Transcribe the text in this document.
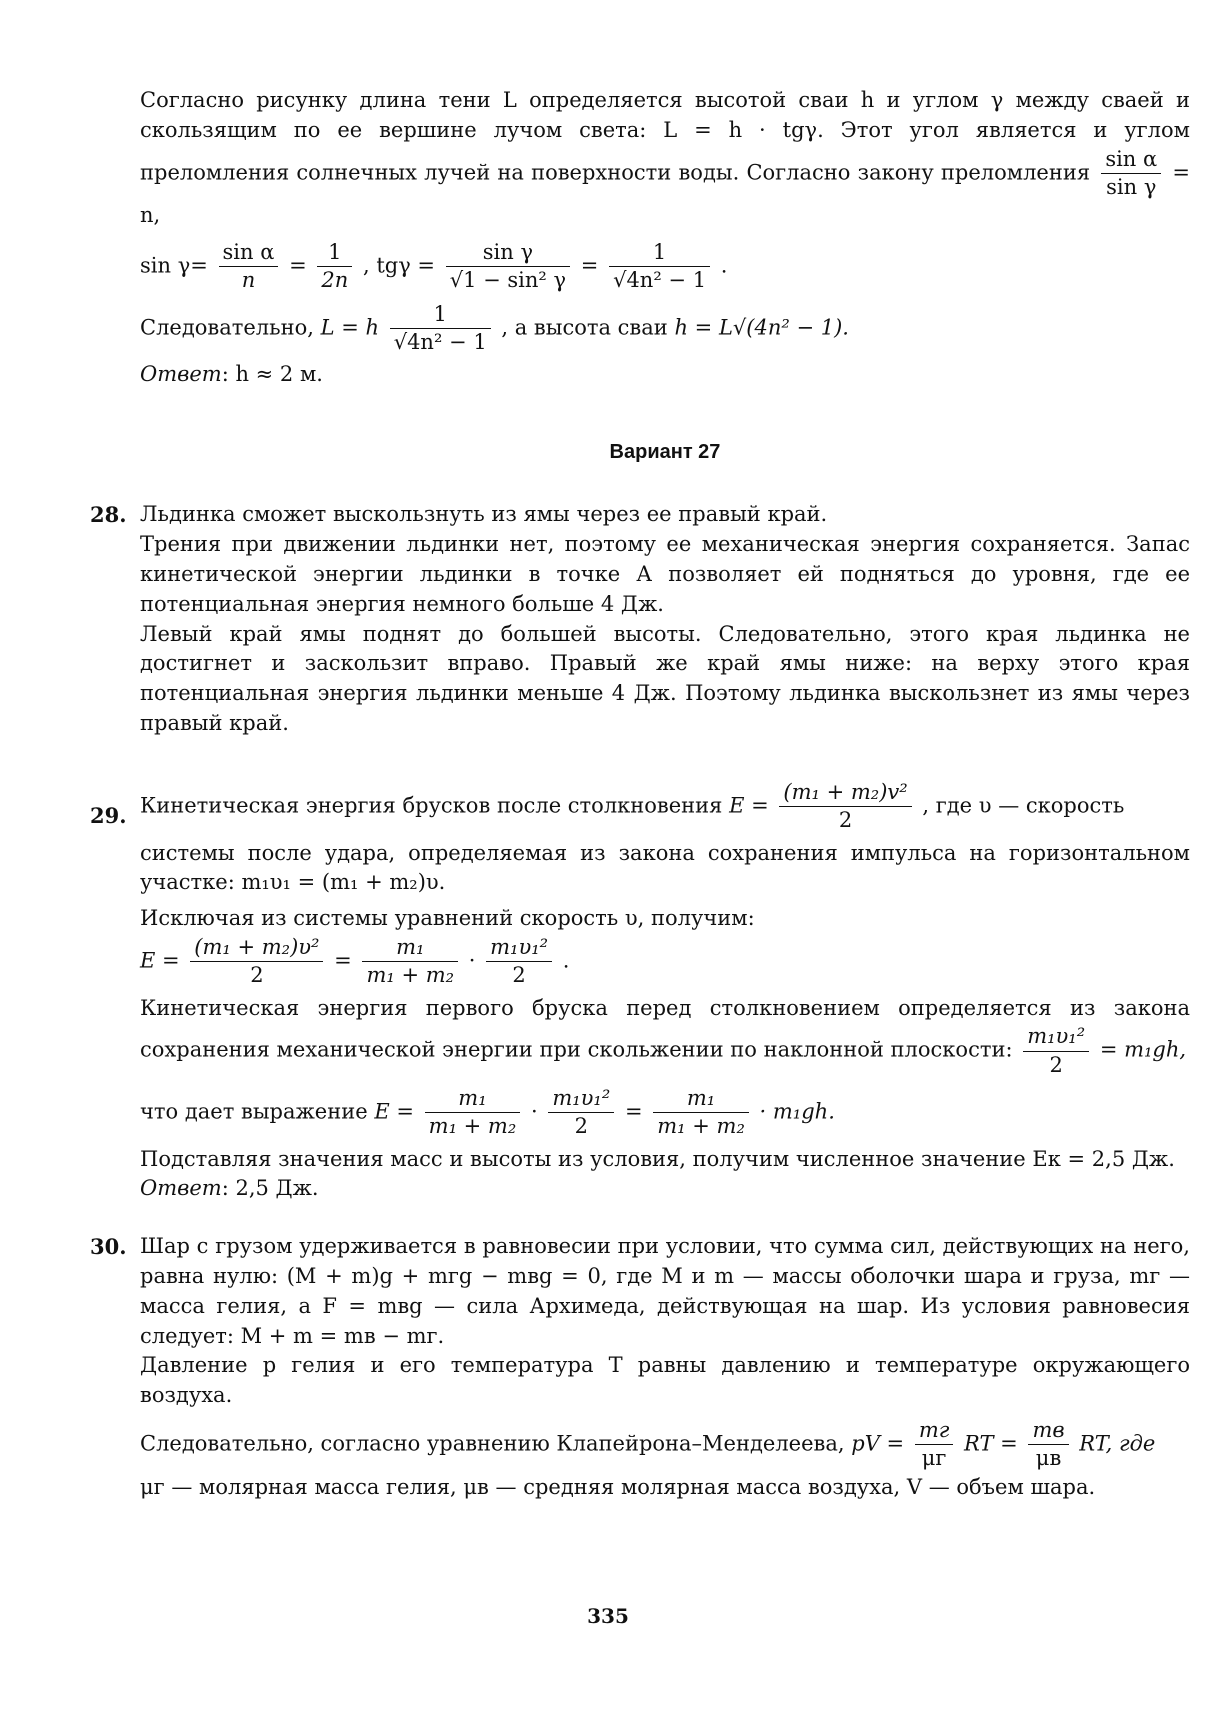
Согласно рисунку длина тени L определяется высотой сваи h и углом γ между сваей и скользящим по ее вершине лучом света: L = h · tgγ. Этот угол является и углом преломления солнечных лучей на поверхности воды. Согласно закону преломления $\frac{\text{sin α}}{\text{sin γ}} = n$,

$\sin \gamma= \frac{\text{sin α}}{n} = \frac{1}{2n}$ , $tg\gamma = \frac{\text{sin γ}}{\text{√1 − sin² γ}} = \frac{1}{\text{√4n² − 1}}$ .
Следовательно, L = h $\frac{1}{\text{√4n² − 1}}$ , а высота сваи h = L√(4n² − 1).

Ответ: h ≈ 2 м.

Вариант 27
28. Льдинка сможет выскользнуть из ямы через ее правый край.

Трения при движении льдинки нет, поэтому ее механическая энергия сохраняется. Запас кинетической энергии льдинки в точке А позволяет ей подняться до уровня, где ее потенциальная энергия немного больше 4 Дж.

Левый край ямы поднят до большей высоты. Следовательно, этого края льдинка не достигнет и заскользит вправо. Правый же край ямы ниже: на верху этого края потенциальная энергия льдинки меньше 4 Дж. Поэтому льдинка выскользнет из ямы через правый край.

29. Кинетическая энергия брусков после столкновения $E = \frac{\text{(m₁ + m₂)v²}}{2}$ , где υ — скорость

системы после удара, определяемая из закона сохранения импульса на горизонтальном участке: m₁υ₁ = (m₁ + m₂)υ.

Исключая из системы уравнений скорость υ, получим:

$E = \frac{\text{(m₁ + m₂)υ²}}{2} = \frac{\text{m₁}}{\text{m₁ + m₂}} \cdot \frac{\text{m₁υ₁²}}{2}$ .

Кинетическая энергия первого бруска перед столкновением определяется из закона сохранения механической энергии при скольжении по наклонной плоскости: $\frac{\text{m₁υ₁²}}{2} = m_1gh$,

что дает выражение $E = \frac{\text{m₁}}{\text{m₁ + m₂}} \cdot \frac{\text{m₁υ₁²}}{2} = \frac{\text{m₁}}{\text{m₁ + m₂}} \cdot m_1gh$.

Подставляя значения масс и высоты из условия, получим численное значение Eк = 2,5 Дж.

Ответ: 2,5 Дж.

30. Шар с грузом удерживается в равновесии при условии, что сумма сил, действующих на него, равна нулю: (M + m)g + mгg − mвg = 0, где M и m — массы оболочки шара и груза, mг — масса гелия, а F = mвg — сила Архимеда, действующая на шар. Из условия равновесия следует: M + m = mв − mг.

Давление p гелия и его температура T равны давлению и температуре окружающего воздуха.

Следовательно, согласно уравнению Клапейрона–Менделеева, pV = $\frac{mг}{\mu г}$ RT = $\frac{mв}{\mu в}$ RT, где

μг — молярная масса гелия, μв — средняя молярная масса воздуха, V — объем шара.

335
